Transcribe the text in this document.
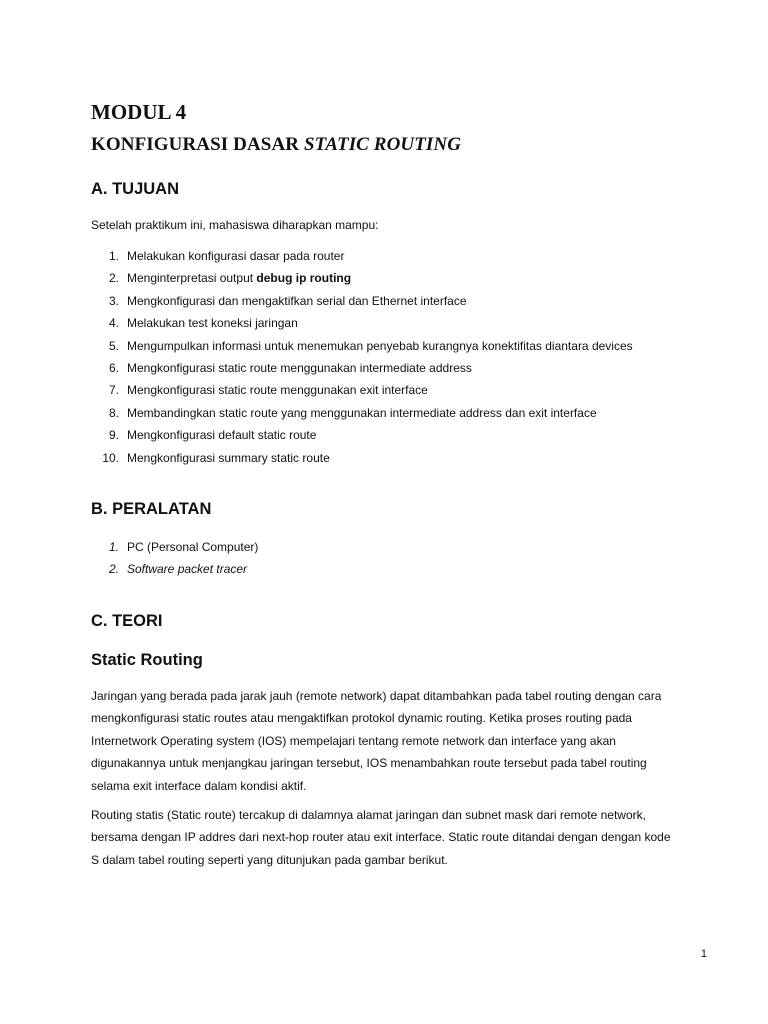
MODUL 4
KONFIGURASI DASAR STATIC ROUTING
A. TUJUAN

Setelah praktikum ini, mahasiswa diharapkan mampu:

1. Melakukan konfigurasi dasar pada router
2. Menginterpretasi output debug ip routing
3. Mengkonfigurasi dan mengaktifkan serial dan Ethernet interface
4. Melakukan test koneksi jaringan
5. Mengumpulkan informasi untuk menemukan penyebab kurangnya konektifitas diantara devices
6. Mengkonfigurasi static route menggunakan intermediate address
7. Mengkonfigurasi static route menggunakan exit interface
8. Membandingkan static route yang menggunakan intermediate address dan exit interface
9. Mengkonfigurasi default static route
10. Mengkonfigurasi summary static route
B. PERALATAN
1. PC (Personal Computer)
2. Software packet tracer
C. TEORI
Static Routing
Jaringan yang berada pada jarak jauh (remote network) dapat ditambahkan pada tabel routing dengan cara
mengkonfigurasi static routes atau mengaktifkan protokol dynamic routing. Ketika proses routing pada
Internetwork Operating system (IOS) mempelajari tentang remote network dan interface yang akan
digunakannya untuk menjangkau jaringan tersebut, IOS menambahkan route tersebut pada tabel routing
selama exit interface dalam kondisi aktif.
Routing statis (Static route) tercakup di dalamnya alamat jaringan dan subnet mask dari remote network,
bersama dengan IP addres dari next-hop router atau exit interface. Static route ditandai dengan dengan kode
S dalam tabel routing seperti yang ditunjukan pada gambar berikut.
1
